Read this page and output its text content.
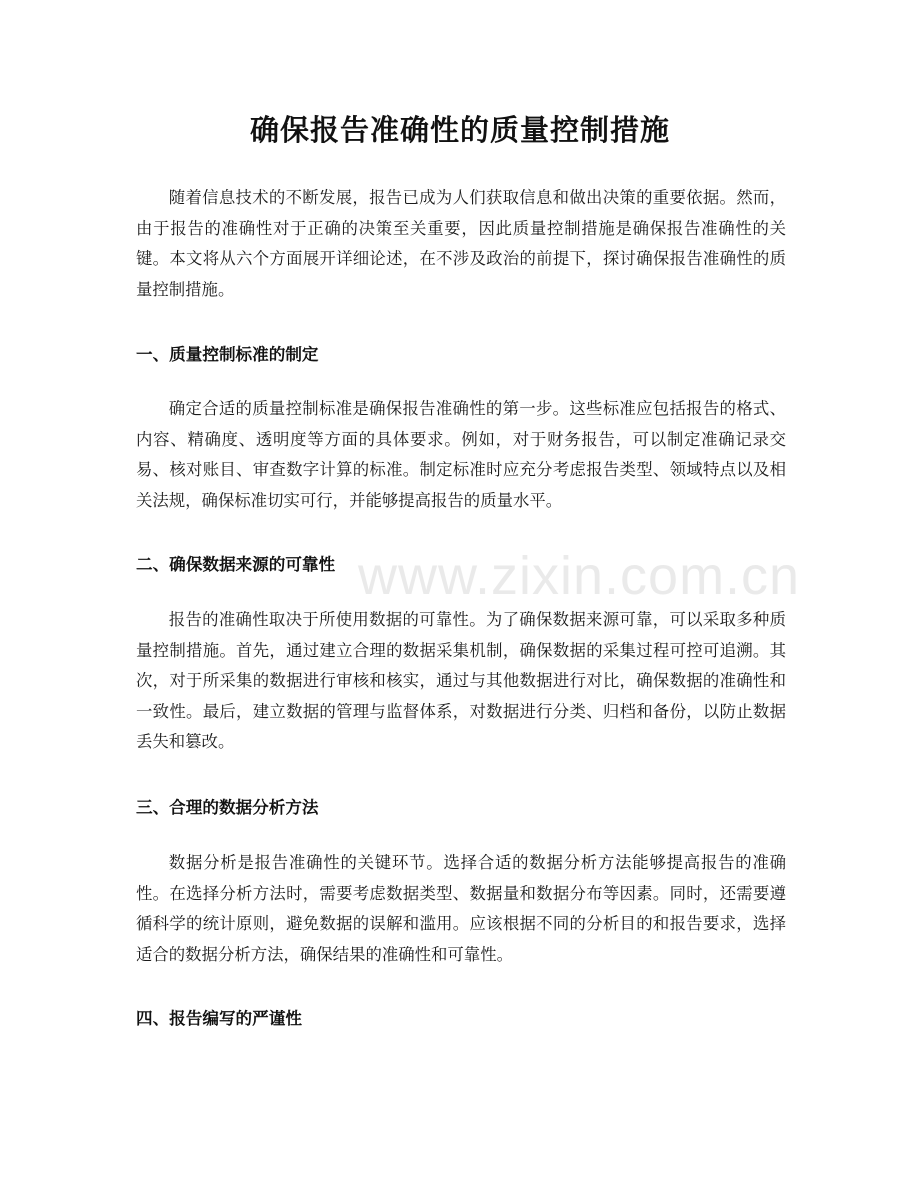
确保报告准确性的质量控制措施

随着信息技术的不断发展，报告已成为人们获取信息和做出决策的重要依据。然而，由于报告的准确性对于正确的决策至关重要，因此质量控制措施是确保报告准确性的关键。本文将从六个方面展开详细论述，在不涉及政治的前提下，探讨确保报告准确性的质量控制措施。

一、质量控制标准的制定

确定合适的质量控制标准是确保报告准确性的第一步。这些标准应包括报告的格式、内容、精确度、透明度等方面的具体要求。例如，对于财务报告，可以制定准确记录交易、核对账目、审查数字计算的标准。制定标准时应充分考虑报告类型、领域特点以及相关法规，确保标准切实可行，并能够提高报告的质量水平。

二、确保数据来源的可靠性

报告的准确性取决于所使用数据的可靠性。为了确保数据来源可靠，可以采取多种质量控制措施。首先，通过建立合理的数据采集机制，确保数据的采集过程可控可追溯。其次，对于所采集的数据进行审核和核实，通过与其他数据进行对比，确保数据的准确性和一致性。最后，建立数据的管理与监督体系，对数据进行分类、归档和备份，以防止数据丢失和篡改。

三、合理的数据分析方法

数据分析是报告准确性的关键环节。选择合适的数据分析方法能够提高报告的准确性。在选择分析方法时，需要考虑数据类型、数据量和数据分布等因素。同时，还需要遵循科学的统计原则，避免数据的误解和滥用。应该根据不同的分析目的和报告要求，选择适合的数据分析方法，确保结果的准确性和可靠性。

四、报告编写的严谨性
www.zixin.com.cn
